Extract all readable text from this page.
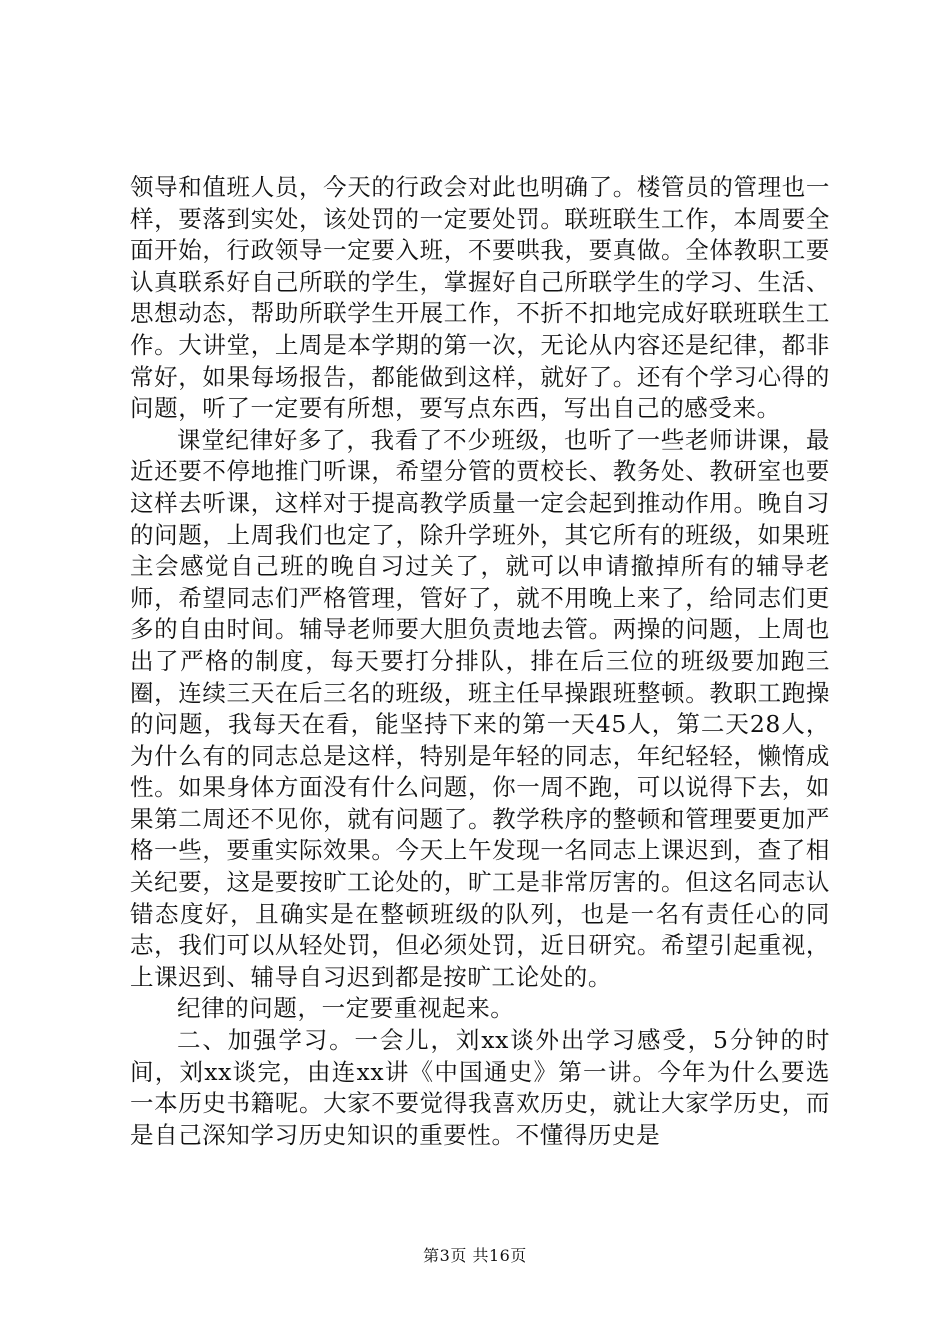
领导和值班人员，今天的行政会对此也明确了。楼管员的管理也一样，要落到实处，该处罚的一定要处罚。联班联生工作，本周要全面开始，行政领导一定要入班，不要哄我，要真做。全体教职工要认真联系好自己所联的学生，掌握好自己所联学生的学习、生活、思想动态，帮助所联学生开展工作，不折不扣地完成好联班联生工作。大讲堂，上周是本学期的第一次，无论从内容还是纪律，都非常好，如果每场报告，都能做到这样，就好了。还有个学习心得的问题，听了一定要有所想，要写点东西，写出自己的感受来。

课堂纪律好多了，我看了不少班级，也听了一些老师讲课，最近还要不停地推门听课，希望分管的贾校长、教务处、教研室也要这样去听课，这样对于提高教学质量一定会起到推动作用。晚自习的问题，上周我们也定了，除升学班外，其它所有的班级，如果班主会感觉自己班的晚自习过关了，就可以申请撤掉所有的辅导老师，希望同志们严格管理，管好了，就不用晚上来了，给同志们更多的自由时间。辅导老师要大胆负责地去管。两操的问题，上周也出了严格的制度，每天要打分排队，排在后三位的班级要加跑三圈，连续三天在后三名的班级，班主任早操跟班整顿。教职工跑操的问题，我每天在看，能坚持下来的第一天45人，第二天28人，为什么有的同志总是这样，特别是年轻的同志，年纪轻轻，懒惰成性。如果身体方面没有什么问题，你一周不跑，可以说得下去，如果第二周还不见你，就有问题了。教学秩序的整顿和管理要更加严格一些，要重实际效果。今天上午发现一名同志上课迟到，查了相关纪要，这是要按旷工论处的，旷工是非常厉害的。但这名同志认错态度好，且确实是在整顿班级的队列，也是一名有责任心的同志，我们可以从轻处罚，但必须处罚，近日研究。希望引起重视，上课迟到、辅导自习迟到都是按旷工论处的。

纪律的问题，一定要重视起来。

二、加强学习。一会儿，刘xx谈外出学习感受，5分钟的时间，刘xx谈完，由连xx讲《中国通史》第一讲。今年为什么要选一本历史书籍呢。大家不要觉得我喜欢历史，就让大家学历史，而是自己深知学习历史知识的重要性。不懂得历史是

第3页 共16页
